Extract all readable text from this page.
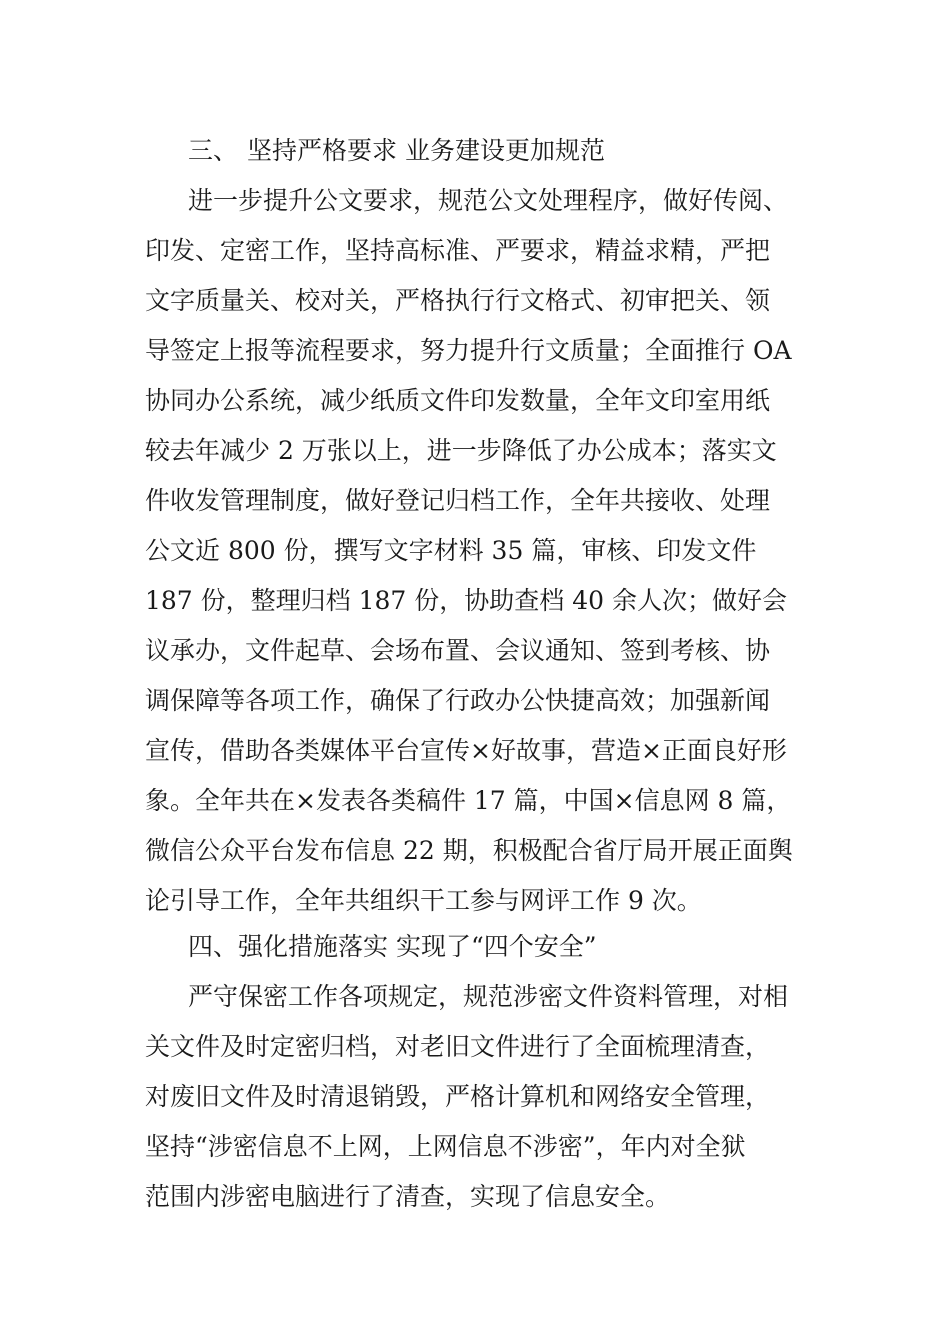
三、 坚持严格要求 业务建设更加规范
进一步提升公文要求，规范公文处理程序，做好传阅、
印发、定密工作，坚持高标准、严要求，精益求精，严把
文字质量关、校对关，严格执行行文格式、初审把关、领
导签定上报等流程要求，努力提升行文质量；全面推行 OA
协同办公系统，减少纸质文件印发数量，全年文印室用纸
较去年减少 2 万张以上，进一步降低了办公成本；落实文
件收发管理制度，做好登记归档工作，全年共接收、处理
公文近 800 份，撰写文字材料 35 篇，审核、印发文件
187 份，整理归档 187 份，协助查档 40 余人次；做好会
议承办，文件起草、会场布置、会议通知、签到考核、协
调保障等各项工作，确保了行政办公快捷高效；加强新闻
宣传，借助各类媒体平台宣传×好故事，营造×正面良好形
象。全年共在×发表各类稿件 17 篇，中国×信息网 8 篇，
微信公众平台发布信息 22 期，积极配合省厅局开展正面舆
论引导工作，全年共组织干工参与网评工作 9 次。
四、强化措施落实 实现了“四个安全”
严守保密工作各项规定，规范涉密文件资料管理，对相
关文件及时定密归档，对老旧文件进行了全面梳理清查，
对废旧文件及时清退销毁，严格计算机和网络安全管理，
坚持“涉密信息不上网，上网信息不涉密”，年内对全狱
范围内涉密电脑进行了清查，实现了信息安全。
